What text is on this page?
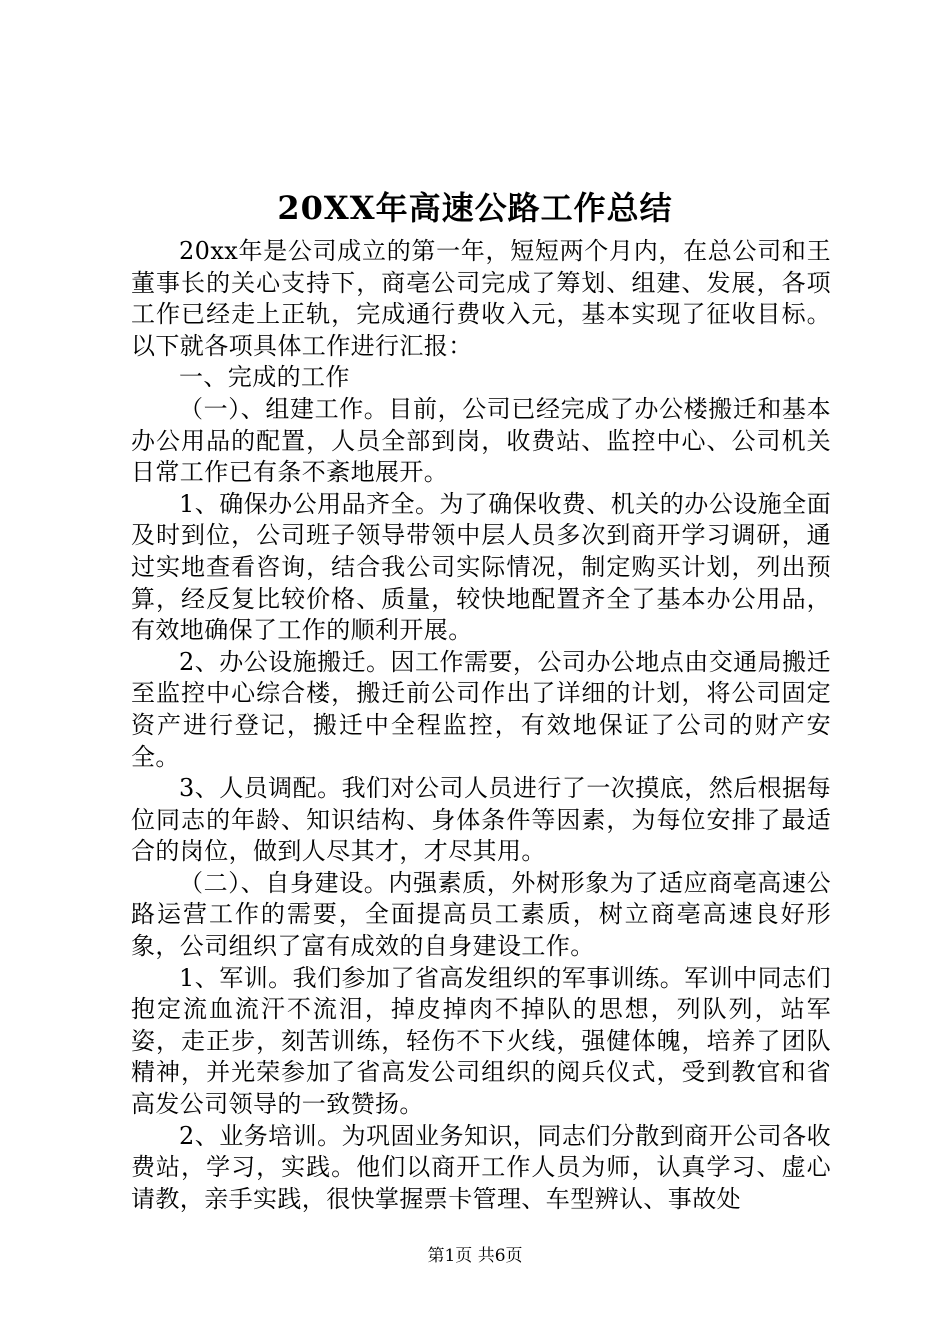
20XX年高速公路工作总结

20xx年是公司成立的第一年，短短两个月内，在总公司和王董事长的关心支持下，商亳公司完成了筹划、组建、发展，各项工作已经走上正轨，完成通行费收入元，基本实现了征收目标。以下就各项具体工作进行汇报：

一、完成的工作

（一）、组建工作。目前，公司已经完成了办公楼搬迁和基本办公用品的配置，人员全部到岗，收费站、监控中心、公司机关日常工作已有条不紊地展开。

1、确保办公用品齐全。为了确保收费、机关的办公设施全面及时到位，公司班子领导带领中层人员多次到商开学习调研，通过实地查看咨询，结合我公司实际情况，制定购买计划，列出预算，经反复比较价格、质量，较快地配置齐全了基本办公用品，有效地确保了工作的顺利开展。

2、办公设施搬迁。因工作需要，公司办公地点由交通局搬迁至监控中心综合楼，搬迁前公司作出了详细的计划，将公司固定资产进行登记，搬迁中全程监控，有效地保证了公司的财产安全。

3、人员调配。我们对公司人员进行了一次摸底，然后根据每位同志的年龄、知识结构、身体条件等因素，为每位安排了最适合的岗位，做到人尽其才，才尽其用。

（二）、自身建设。内强素质，外树形象为了适应商亳高速公路运营工作的需要，全面提高员工素质，树立商亳高速良好形象，公司组织了富有成效的自身建设工作。

1、军训。我们参加了省高发组织的军事训练。军训中同志们抱定流血流汗不流泪，掉皮掉肉不掉队的思想，列队列，站军姿，走正步，刻苦训练，轻伤不下火线，强健体魄，培养了团队精神，并光荣参加了省高发公司组织的阅兵仪式，受到教官和省高发公司领导的一致赞扬。

2、业务培训。为巩固业务知识，同志们分散到商开公司各收费站，学习，实践。他们以商开工作人员为师，认真学习、虚心请教，亲手实践，很快掌握票卡管理、车型辨认、事故处

第1页 共6页
